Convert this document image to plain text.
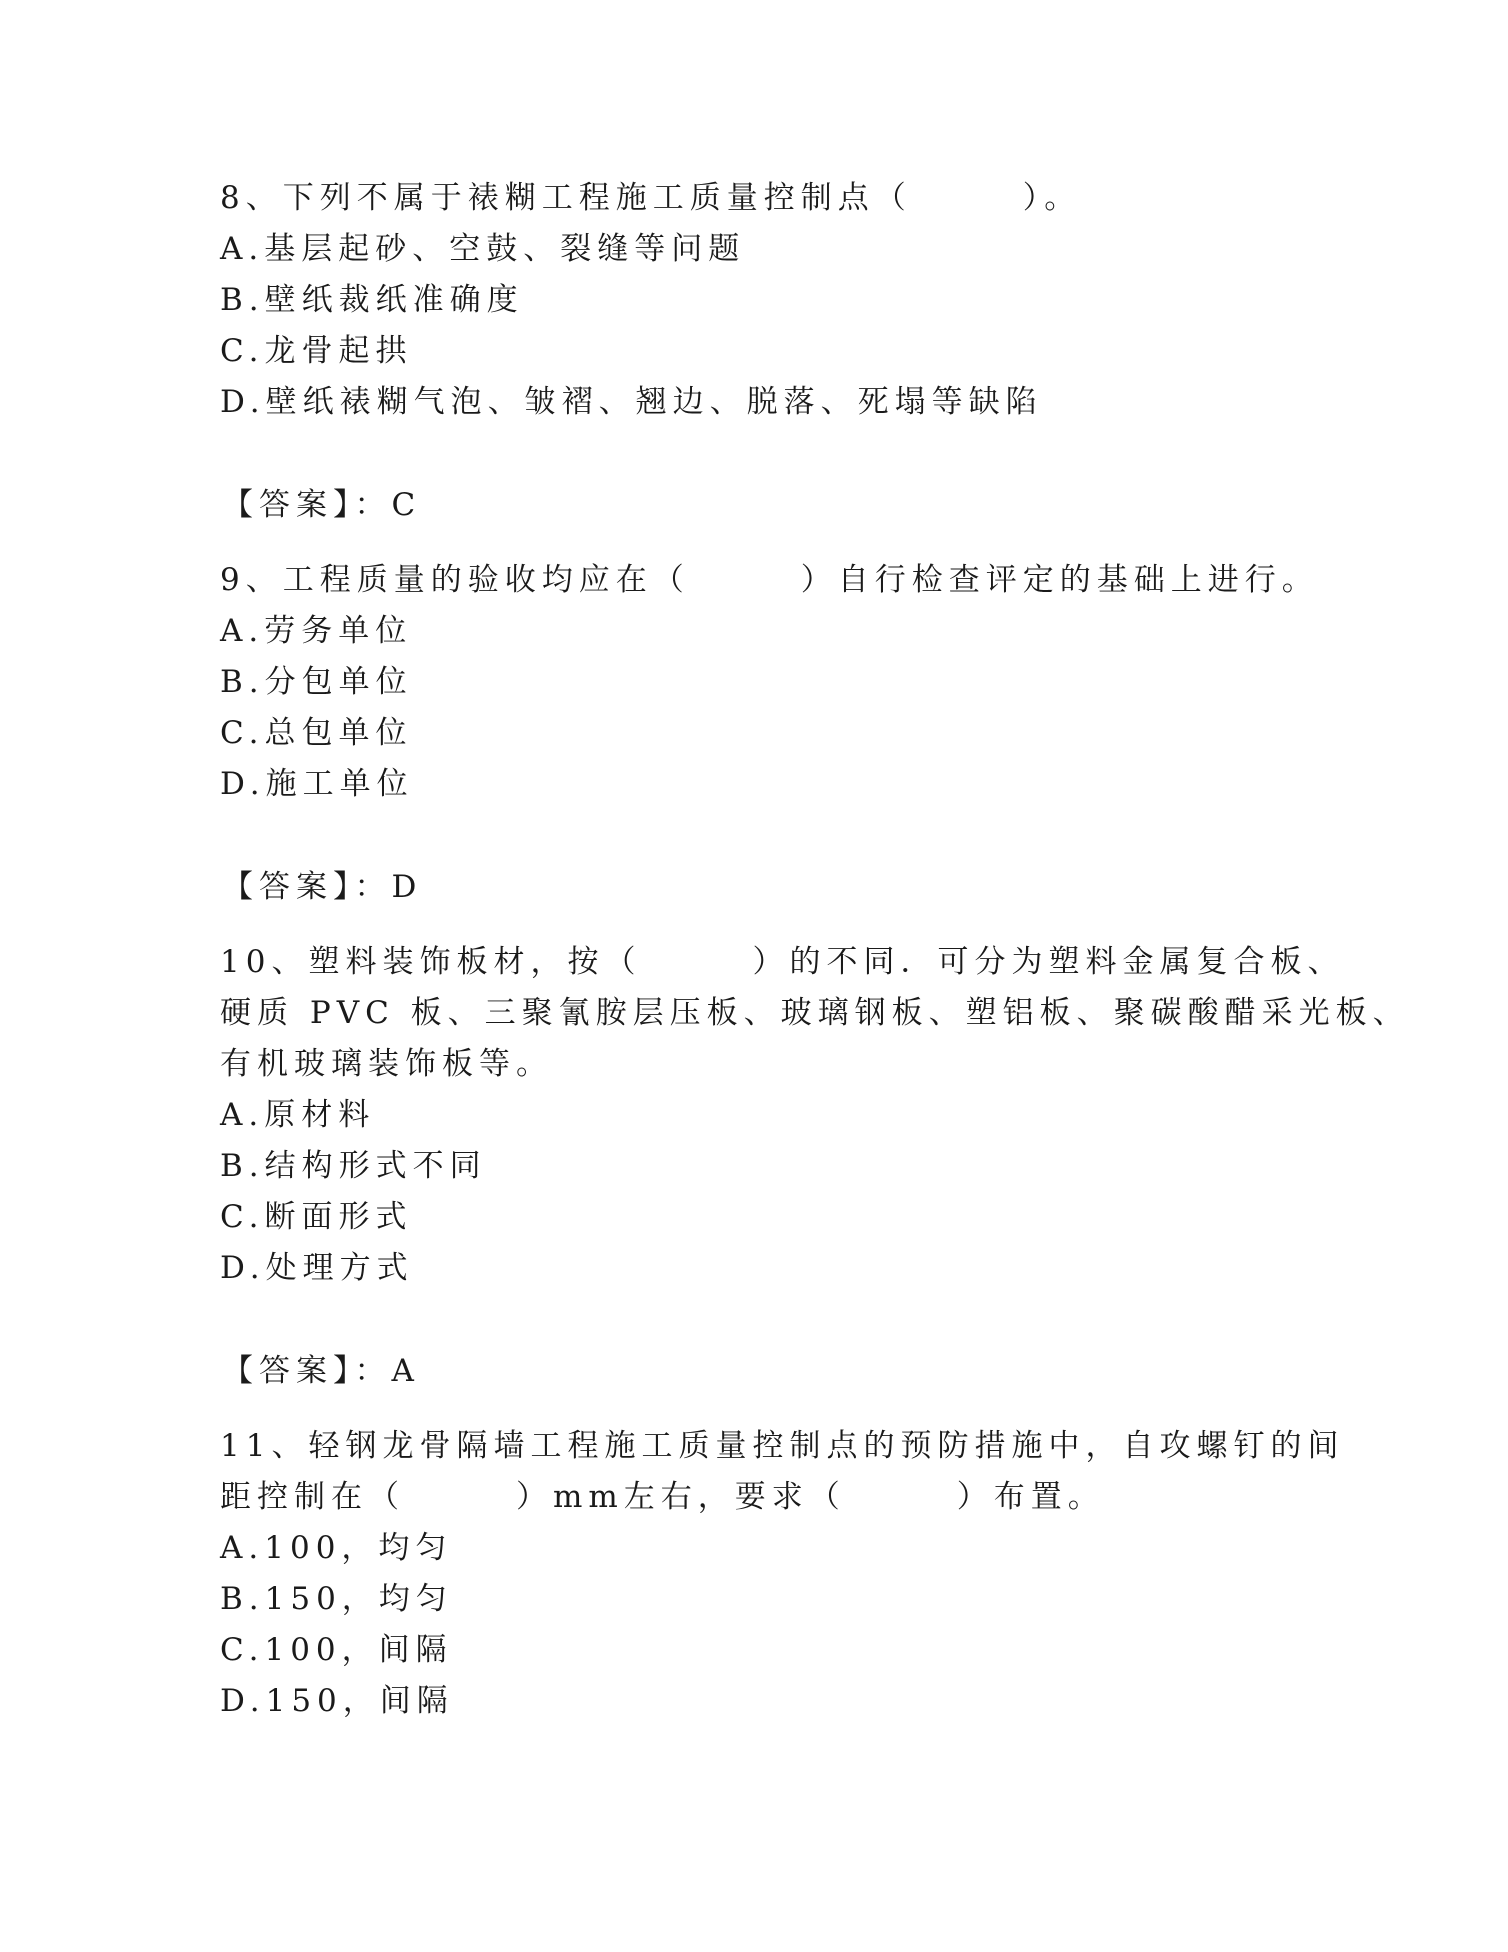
8、下列不属于裱糊工程施工质量控制点（　　　）。
A.基层起砂、空鼓、裂缝等问题
B.壁纸裁纸准确度
C.龙骨起拱
D.壁纸裱糊气泡、皱褶、翘边、脱落、死塌等缺陷
【答案】：C
9、工程质量的验收均应在（　　　）自行检查评定的基础上进行。
A.劳务单位
B.分包单位
C.总包单位
D.施工单位
【答案】：D
10、塑料装饰板材，按（　　　）的不同．可分为塑料金属复合板、
硬质 PVC 板、三聚氰胺层压板、玻璃钢板、塑铝板、聚碳酸醋采光板、
有机玻璃装饰板等。
A.原材料
B.结构形式不同
C.断面形式
D.处理方式
【答案】：A
11、轻钢龙骨隔墙工程施工质量控制点的预防措施中，自攻螺钉的间
距控制在（　　　）mm左右，要求（　　　）布置。
A.100，均匀
B.150，均匀
C.100，间隔
D.150，间隔
